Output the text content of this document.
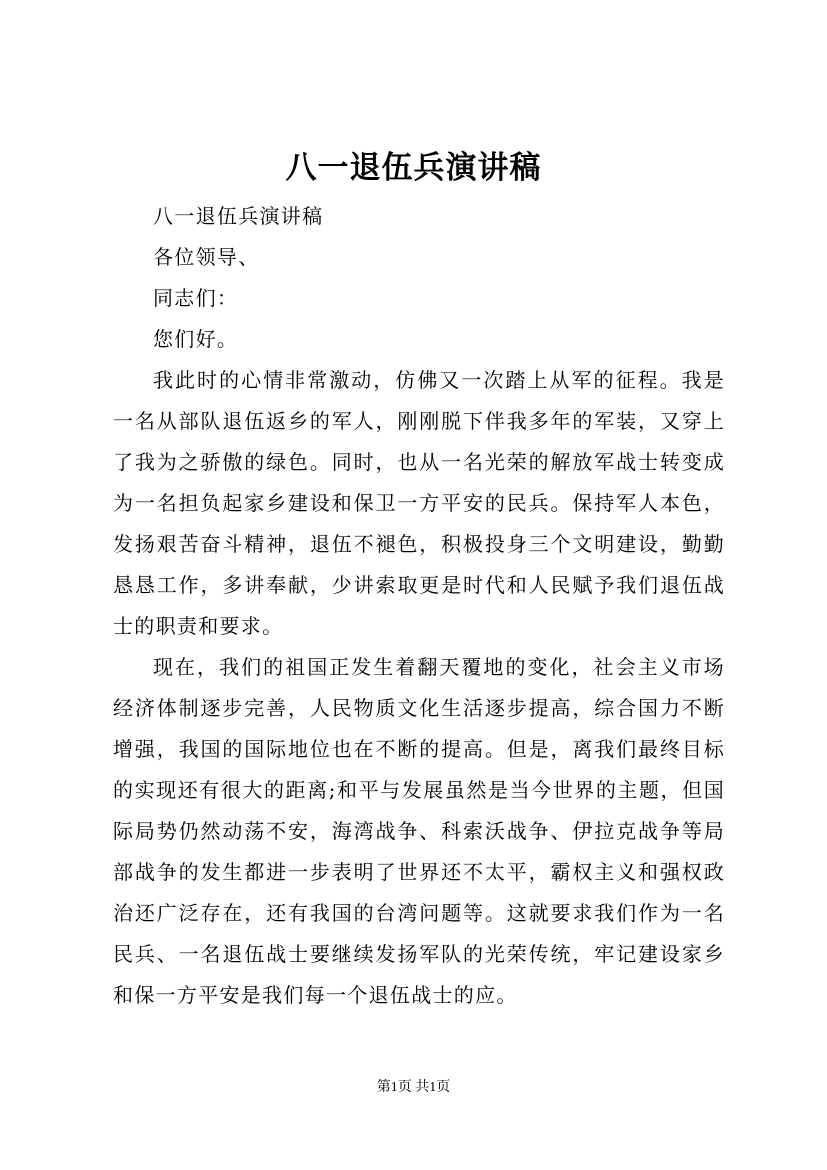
八一退伍兵演讲稿

八一退伍兵演讲稿

各位领导、

同志们：

您们好。

我此时的心情非常激动，仿佛又一次踏上从军的征程。我是一名从部队退伍返乡的军人，刚刚脱下伴我多年的军装，又穿上了我为之骄傲的绿色。同时，也从一名光荣的解放军战士转变成为一名担负起家乡建设和保卫一方平安的民兵。保持军人本色，发扬艰苦奋斗精神，退伍不褪色，积极投身三个文明建设，勤勤恳恳工作，多讲奉献，少讲索取更是时代和人民赋予我们退伍战士的职责和要求。

现在，我们的祖国正发生着翻天覆地的变化，社会主义市场经济体制逐步完善，人民物质文化生活逐步提高，综合国力不断增强，我国的国际地位也在不断的提高。但是，离我们最终目标的实现还有很大的距离;和平与发展虽然是当今世界的主题，但国际局势仍然动荡不安，海湾战争、科索沃战争、伊拉克战争等局部战争的发生都进一步表明了世界还不太平，霸权主义和强权政治还广泛存在，还有我国的台湾问题等。这就要求我们作为一名民兵、一名退伍战士要继续发扬军队的光荣传统，牢记建设家乡和保一方平安是我们每一个退伍战士的应。

第1页 共1页
